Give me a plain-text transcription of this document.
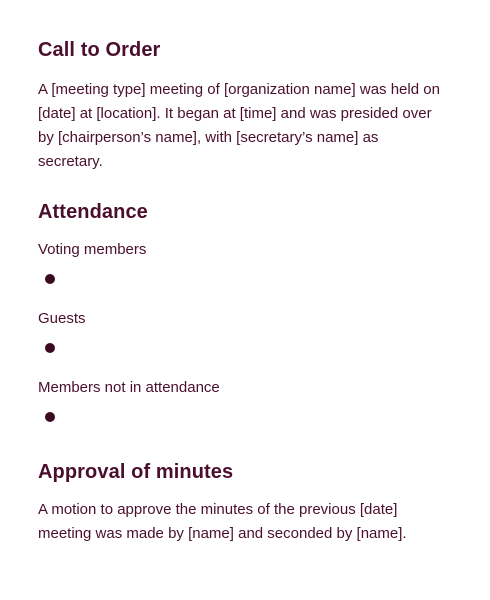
Call to Order

A [meeting type] meeting of [organization name] was held on [date] at [location]. It began at [time] and was presided over by [chairperson’s name], with [secretary’s name] as secretary.

Attendance

Voting members

Guests

Members not in attendance

Approval of minutes

A motion to approve the minutes of the previous [date] meeting was made by [name] and seconded by [name].
